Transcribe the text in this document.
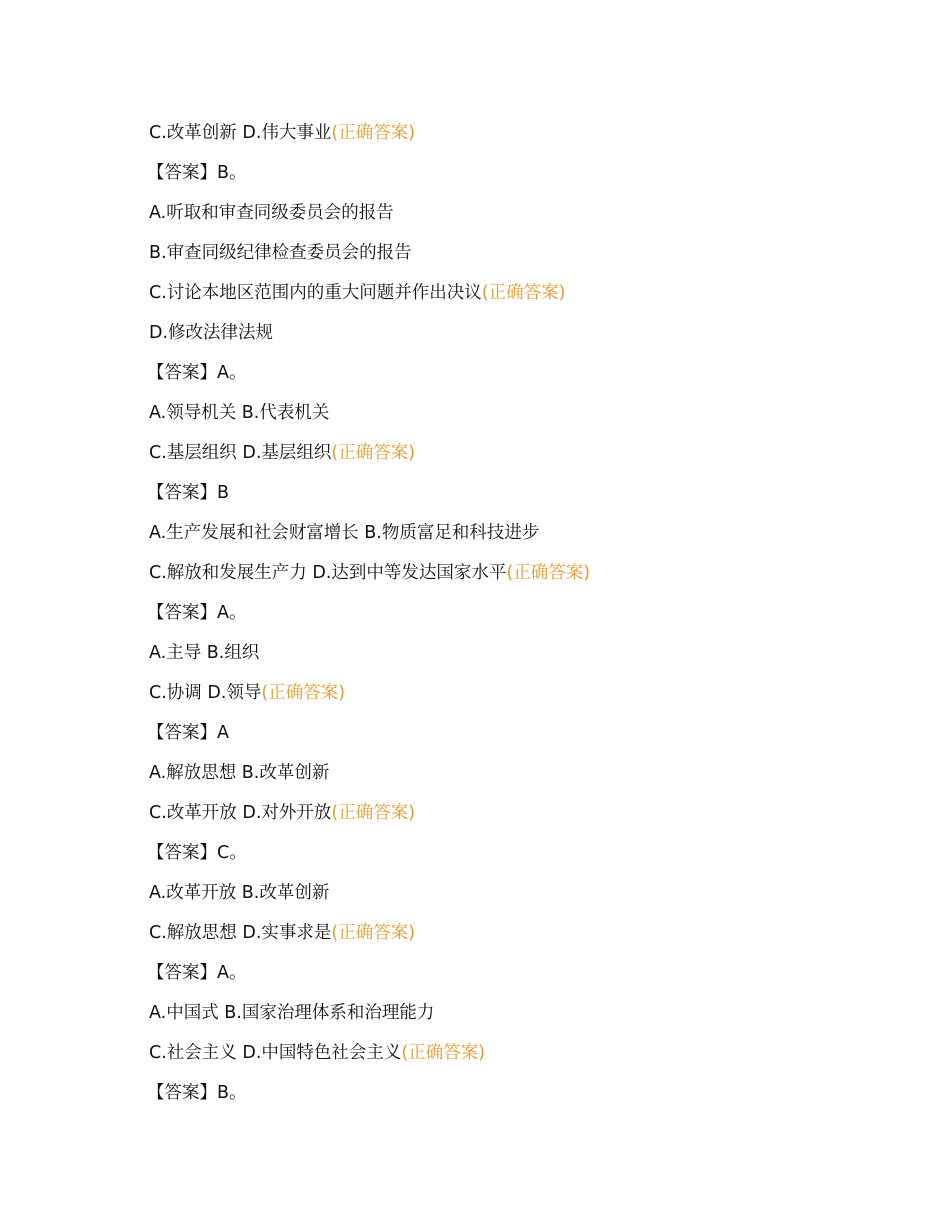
C.改革创新 D.伟大事业(正确答案)
【答案】B。
A.听取和审查同级委员会的报告
B.审查同级纪律检查委员会的报告
C.讨论本地区范围内的重大问题并作出决议(正确答案)
D.修改法律法规
【答案】A。
A.领导机关 B.代表机关
C.基层组织 D.基层组织(正确答案)
【答案】B
A.生产发展和社会财富增长 B.物质富足和科技进步
C.解放和发展生产力 D.达到中等发达国家水平(正确答案)
【答案】A。
A.主导 B.组织
C.协调 D.领导(正确答案)
【答案】A
A.解放思想 B.改革创新
C.改革开放 D.对外开放(正确答案)
【答案】C。
A.改革开放 B.改革创新
C.解放思想 D.实事求是(正确答案)
【答案】A。
A.中国式 B.国家治理体系和治理能力
C.社会主义 D.中国特色社会主义(正确答案)
【答案】B。
